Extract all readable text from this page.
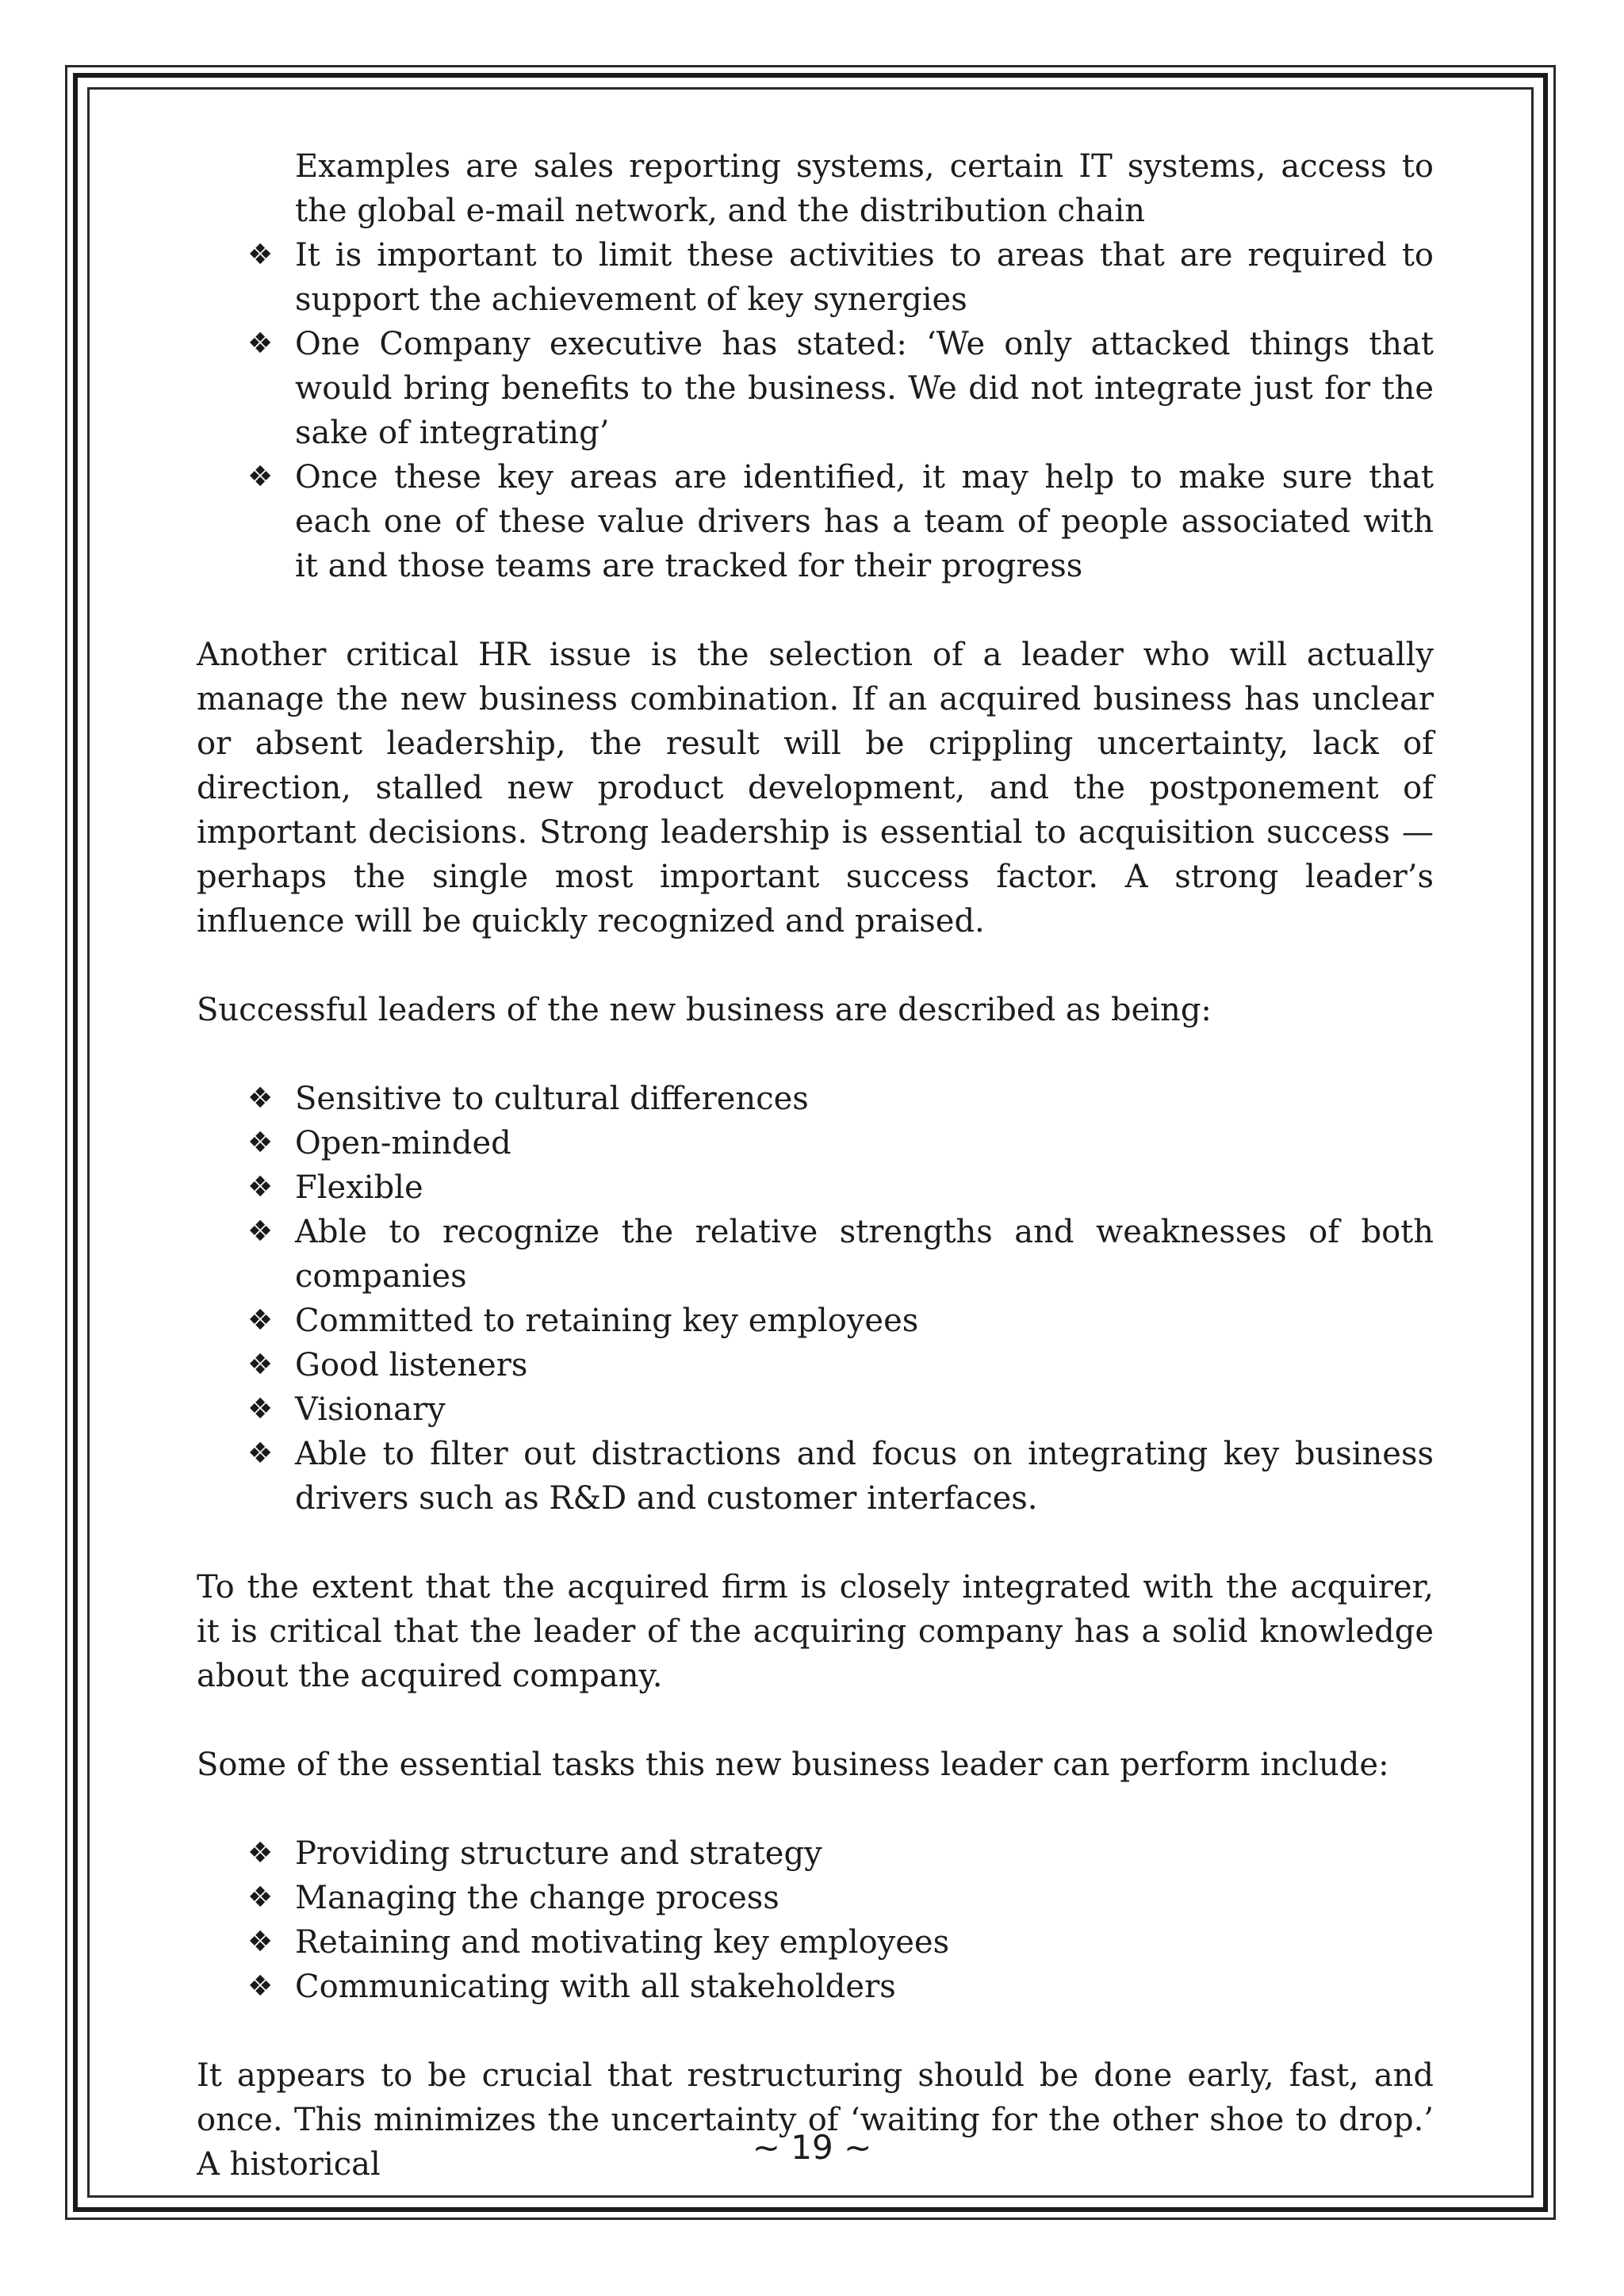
Examples are sales reporting systems, certain IT systems, access to the global e-mail network, and the distribution chain

❖ It is important to limit these activities to areas that are required to support the achievement of key synergies
❖ One Company executive has stated: ‘We only attacked things that would bring benefits to the business. We did not integrate just for the sake of integrating’
❖ Once these key areas are identified, it may help to make sure that each one of these value drivers has a team of people associated with it and those teams are tracked for their progress

Another critical HR issue is the selection of a leader who will actually manage the new business combination. If an acquired business has unclear or absent leadership, the result will be crippling uncertainty, lack of direction, stalled new product development, and the postponement of important decisions. Strong leadership is essential to acquisition success — perhaps the single most important success factor. A strong leader’s influence will be quickly recognized and praised.

Successful leaders of the new business are described as being:

❖ Sensitive to cultural differences
❖ Open-minded
❖ Flexible
❖ Able to recognize the relative strengths and weaknesses of both companies
❖ Committed to retaining key employees
❖ Good listeners
❖ Visionary
❖ Able to filter out distractions and focus on integrating key business drivers such as R&D and customer interfaces.

To the extent that the acquired firm is closely integrated with the acquirer, it is critical that the leader of the acquiring company has a solid knowledge about the acquired company.

Some of the essential tasks this new business leader can perform include:

❖ Providing structure and strategy
❖ Managing the change process
❖ Retaining and motivating key employees
❖ Communicating with all stakeholders

It appears to be crucial that restructuring should be done early, fast, and once. This minimizes the uncertainty of ‘waiting for the other shoe to drop.’ A historical	~ 19 ~
